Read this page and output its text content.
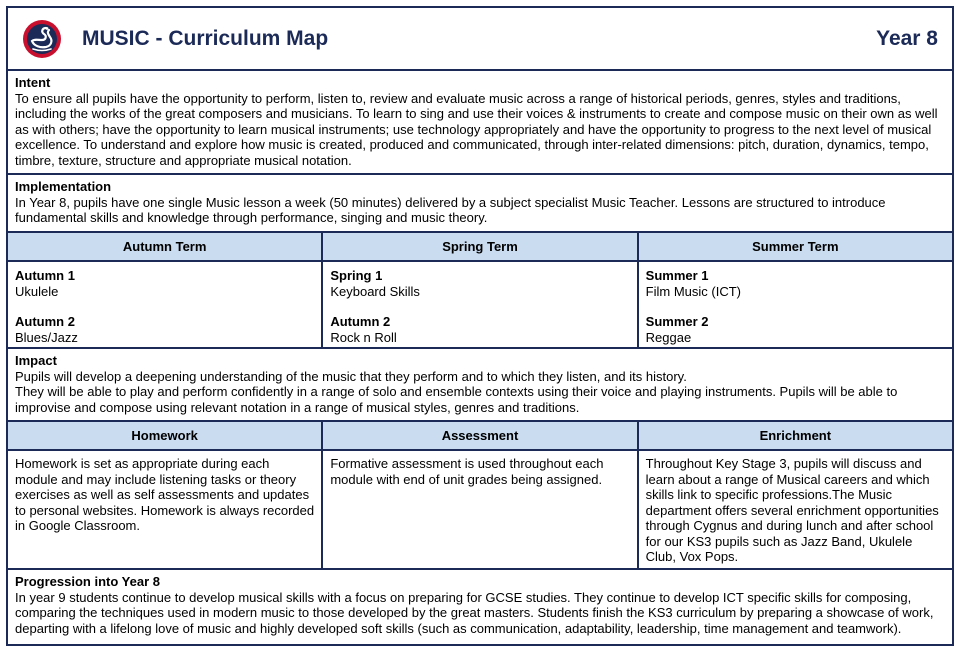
MUSIC - Curriculum Map	Year 8
Intent

To ensure all pupils have the opportunity to perform, listen to, review and evaluate music across a range of historical periods, genres, styles and traditions, including the works of the great composers and musicians. To learn to sing and use their voices & instruments to create and compose music on their own as well as with others; have the opportunity to learn musical instruments; use technology appropriately and have the opportunity to progress to the next level of musical excellence. To understand and explore how music is created, produced and communicated, through inter-related dimensions: pitch, duration, dynamics, tempo, timbre, texture, structure and appropriate musical notation.

Implementation

In Year 8, pupils have one single Music lesson a week (50 minutes) delivered by a subject specialist Music Teacher. Lessons are structured to introduce fundamental skills and knowledge through performance, singing and music theory.

Autumn Term
Autumn 1
Ukulele
Autumn 2
Blues/Jazz
Spring Term
Spring 1
Keyboard Skills
Autumn 2
Rock n Roll
Summer Term
Summer 1
Film Music (ICT)
Summer 2
Reggae
Impact

Pupils will develop a deepening understanding of the music that they perform and to which they listen, and its history.

They will be able to play and perform confidently in a range of solo and ensemble contexts using their voice and playing instruments. Pupils will be able to improvise and compose using relevant notation in a range of musical styles, genres and traditions.

Homework
Homework is set as appropriate during each module and may include listening tasks or theory exercises as well as self assessments and updates to personal websites. Homework is always recorded in Google Classroom.
Assessment
Formative assessment is used throughout each module with end of unit grades being assigned.
Enrichment
Throughout Key Stage 3, pupils will discuss and learn about a range of Musical careers and which skills link to specific professions.The Music department offers several enrichment opportunities through Cygnus and during lunch and after school for our KS3 pupils such as Jazz Band, Ukulele Club, Vox Pops.
Progression into Year 8

In year 9 students continue to develop musical skills with a focus on preparing for GCSE studies. They continue to develop ICT specific skills for composing, comparing the techniques used in modern music to those developed by the great masters. Students finish the KS3 curriculum by preparing a showcase of work, departing with a lifelong love of music and highly developed soft skills (such as communication, adaptability, leadership, time management and teamwork).
